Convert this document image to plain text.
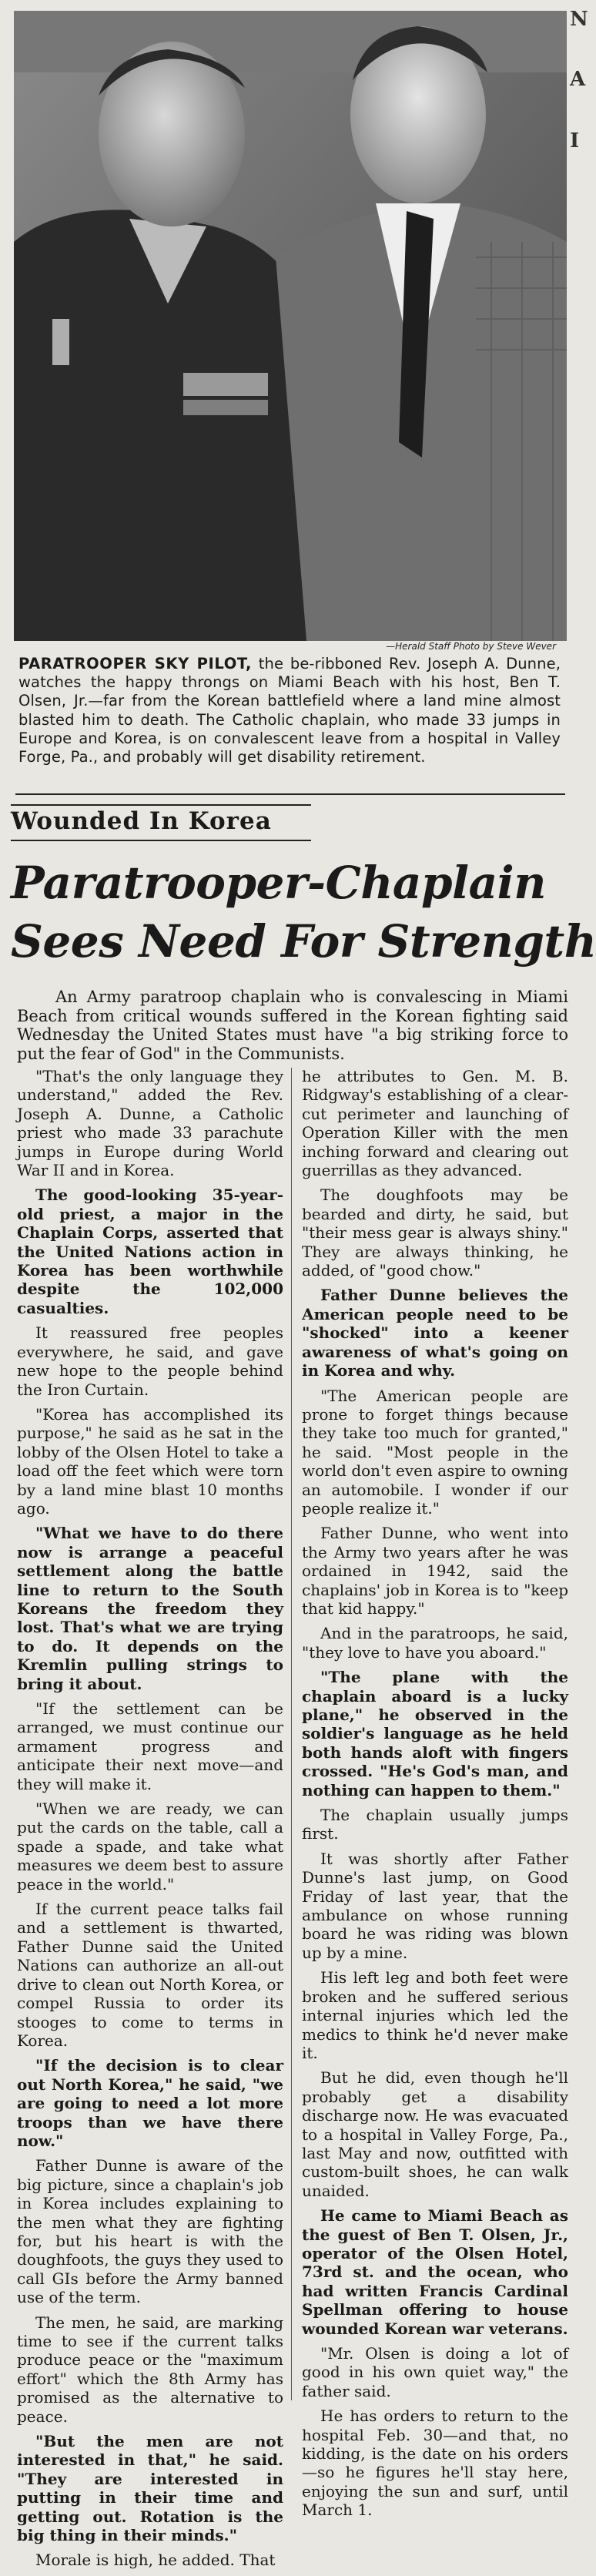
—Herald Staff Photo by Steve Wever
N
A
I
PARATROOPER SKY PILOT, the be-ribboned Rev. Joseph A. Dunne, watches the happy throngs on Miami Beach with his host, Ben T. Olsen, Jr.—far from the Korean battlefield where a land mine almost blasted him to death. The Catholic chaplain, who made 33 jumps in Europe and Korea, is on convalescent leave from a hospital in Valley Forge, Pa., and probably will get disability retirement.
Wounded In Korea
Paratrooper-Chaplain
Sees Need For Strength

An Army paratroop chaplain who is convalescing in Miami Beach from critical wounds suffered in the Korean fighting said Wednesday the United States must have "a big striking force to put the fear of God" in the Communists.

"That's the only language they understand," added the Rev. Joseph A. Dunne, a Catholic priest who made 33 parachute jumps in Europe during World War II and in Korea.

The good-looking 35-year-old priest, a major in the Chaplain Corps, asserted that the United Nations action in Korea has been worthwhile despite the 102,000 casualties.

It reassured free peoples everywhere, he said, and gave new hope to the people behind the Iron Curtain.

"Korea has accomplished its purpose," he said as he sat in the lobby of the Olsen Hotel to take a load off the feet which were torn by a land mine blast 10 months ago.

"What we have to do there now is arrange a peaceful settlement along the battle line to return to the South Koreans the freedom they lost. That's what we are trying to do. It depends on the Kremlin pulling strings to bring it about.

"If the settlement can be arranged, we must continue our armament progress and anticipate their next move—and they will make it.

"When we are ready, we can put the cards on the table, call a spade a spade, and take what measures we deem best to assure peace in the world."

If the current peace talks fail and a settlement is thwarted, Father Dunne said the United Nations can authorize an all-out drive to clean out North Korea, or compel Russia to order its stooges to come to terms in Korea.

"If the decision is to clear out North Korea," he said, "we are going to need a lot more troops than we have there now."

Father Dunne is aware of the big picture, since a chaplain's job in Korea includes explaining to the men what they are fighting for, but his heart is with the doughfoots, the guys they used to call GIs before the Army banned use of the term.

The men, he said, are marking time to see if the current talks produce peace or the "maximum effort" which the 8th Army has promised as the alternative to peace.

"But the men are not interested in that," he said. "They are interested in putting in their time and getting out. Rotation is the big thing in their minds."

Morale is high, he added. That

he attributes to Gen. M. B. Ridgway's establishing of a clear-cut perimeter and launching of Operation Killer with the men inching forward and clearing out guerrillas as they advanced.

The doughfoots may be bearded and dirty, he said, but "their mess gear is always shiny." They are always thinking, he added, of "good chow."

Father Dunne believes the American people need to be "shocked" into a keener awareness of what's going on in Korea and why.

"The American people are prone to forget things because they take too much for granted," he said. "Most people in the world don't even aspire to owning an automobile. I wonder if our people realize it."

Father Dunne, who went into the Army two years after he was ordained in 1942, said the chaplains' job in Korea is to "keep that kid happy."

And in the paratroops, he said, "they love to have you aboard."

"The plane with the chaplain aboard is a lucky plane," he observed in the soldier's language as he held both hands aloft with fingers crossed. "He's God's man, and nothing can happen to them."

The chaplain usually jumps first.

It was shortly after Father Dunne's last jump, on Good Friday of last year, that the ambulance on whose running board he was riding was blown up by a mine.

His left leg and both feet were broken and he suffered serious internal injuries which led the medics to think he'd never make it.

But he did, even though he'll probably get a disability discharge now. He was evacuated to a hospital in Valley Forge, Pa., last May and now, outfitted with custom-built shoes, he can walk unaided.

He came to Miami Beach as the guest of Ben T. Olsen, Jr., operator of the Olsen Hotel, 73rd st. and the ocean, who had written Francis Cardinal Spellman offering to house wounded Korean war veterans.

"Mr. Olsen is doing a lot of good in his own quiet way," the father said.

He has orders to return to the hospital Feb. 30—and that, no kidding, is the date on his orders—so he figures he'll stay here, enjoying the sun and surf, until March 1.
